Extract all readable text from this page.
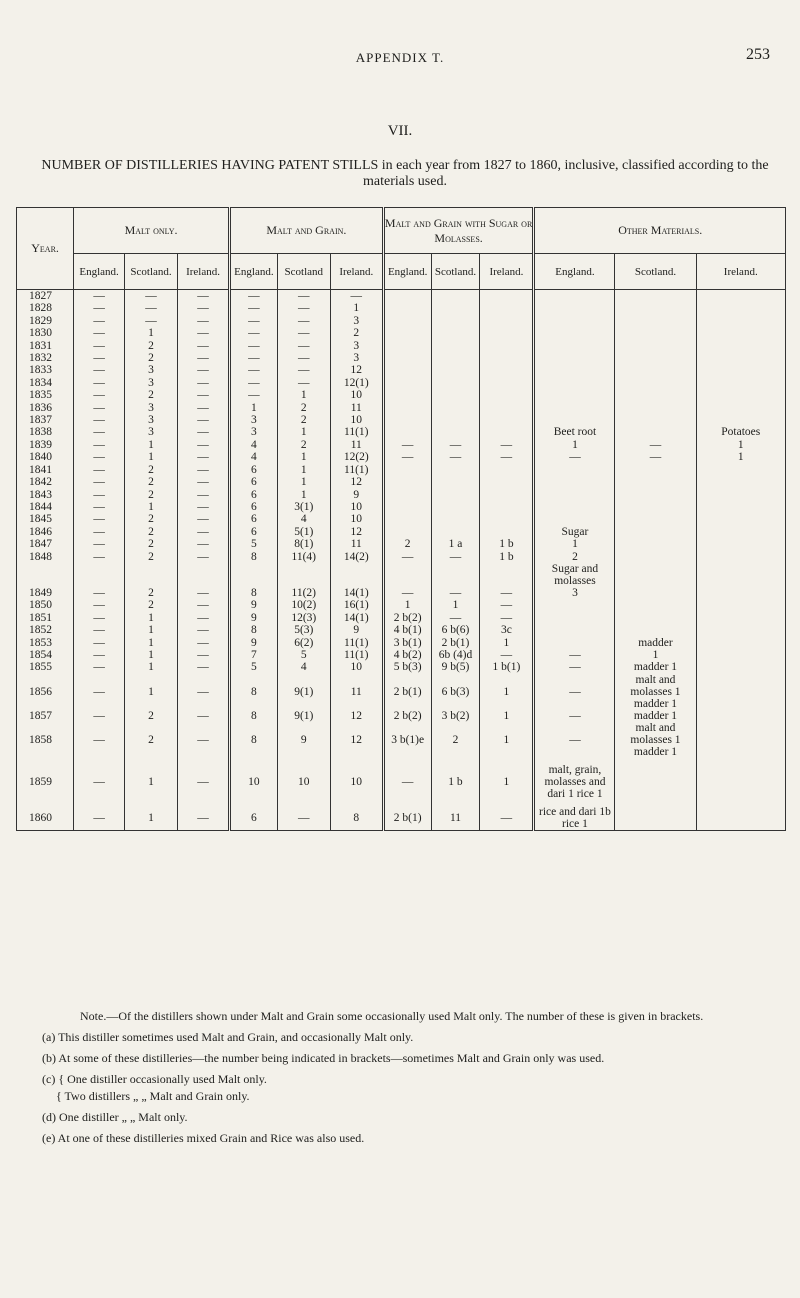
APPENDIX T.	253
VII.
NUMBER OF DISTILLERIES HAVING PATENT STILLS in each year from 1827 to 1860, inclusive, classified according to the materials used.
Year.	Malt only.			Malt and Grain.			Malt and Grain with Sugar or Molasses.			Other Materials.		
	England.	Scotland.	Ireland.	England.	Scotland	Ireland.	England.	Scotland.	Ireland.	England.	Scotland.	Ireland.
1827	—	—	—	—	—	—						
1828	—	—	—	—	—	1						
1829	—	—	—	—	—	3						
1830	—	1	—	—	—	2						
1831	—	2	—	—	—	3						
1832	—	2	—	—	—	3						
1833	—	3	—	—	—	12						
1834	—	3	—	—	—	12(1)						
1835	—	2	—	—	1	10						
1836	—	3	—	1	2	11						
1837	—	3	—	3	2	10						
1838	—	3	—	3	1	11(1)				Beet root		Potatoes
1839	—	1	—	4	2	11	—	—	—	1	—	1
1840	—	1	—	4	1	12(2)	—	—	—	—	—	1
1841	—	2	—	6	1	11(1)						
1842	—	2	—	6	1	12						
1843	—	2	—	6	1	9						
1844	—	1	—	6	3(1)	10						
1845	—	2	—	6	4	10						
1846	—	2	—	6	5(1)	12				Sugar		
1847	—	2	—	5	8(1)	11	2	1 a	1 b	1		
1848	—	2	—	8	11(4)	14(2)	—	—	1 b	2		
										Sugar and molasses		
1849	—	2	—	8	11(2)	14(1)	—	—	—	3		
1850	—	2	—	9	10(2)	16(1)	1	1	—			
1851	—	1	—	9	12(3)	14(1)	2 b(2)	—	—			
1852	—	1	—	8	5(3)	9	4 b(1)	6 b(6)	3c			
1853	—	1	—	9	6(2)	11(1)	3 b(1)	2 b(1)	1		madder	
1854	—	1	—	7	5	11(1)	4 b(2)	6b (4)d	—	—	1	
1855	—	1	—	5	4	10	5 b(3)	9 b(5)	1 b(1)	—	madder 1	
1856	—	1	—	8	9(1)	11	2 b(1)	6 b(3)	1	—	malt and molasses 1 madder 1	
1857	—	2	—	8	9(1)	12	2 b(2)	3 b(2)	1	—	madder 1	
1858	—	2	—	8	9	12	3 b(1)e	2	1	—	malt and molasses 1 madder 1	
1859	—	1	—	10	10	10	—	1 b	1	malt, grain, molasses and dari 1 rice 1		
1860	—	1	—	6	—	8	2 b(1)	11	—	rice and dari 1b rice 1		

Note.—Of the distillers shown under Malt and Grain some occasionally used Malt only. The number of these is given in brackets.

(a) This distiller sometimes used Malt and Grain, and occasionally Malt only.

(b) At some of these distilleries—the number being indicated in brackets—sometimes Malt and Grain only was used.

(c) { One distiller occasionally used Malt only.

{ Two distillers „ „ Malt and Grain only.

(d) One distiller „ „ Malt only.

(e) At one of these distilleries mixed Grain and Rice was also used.
